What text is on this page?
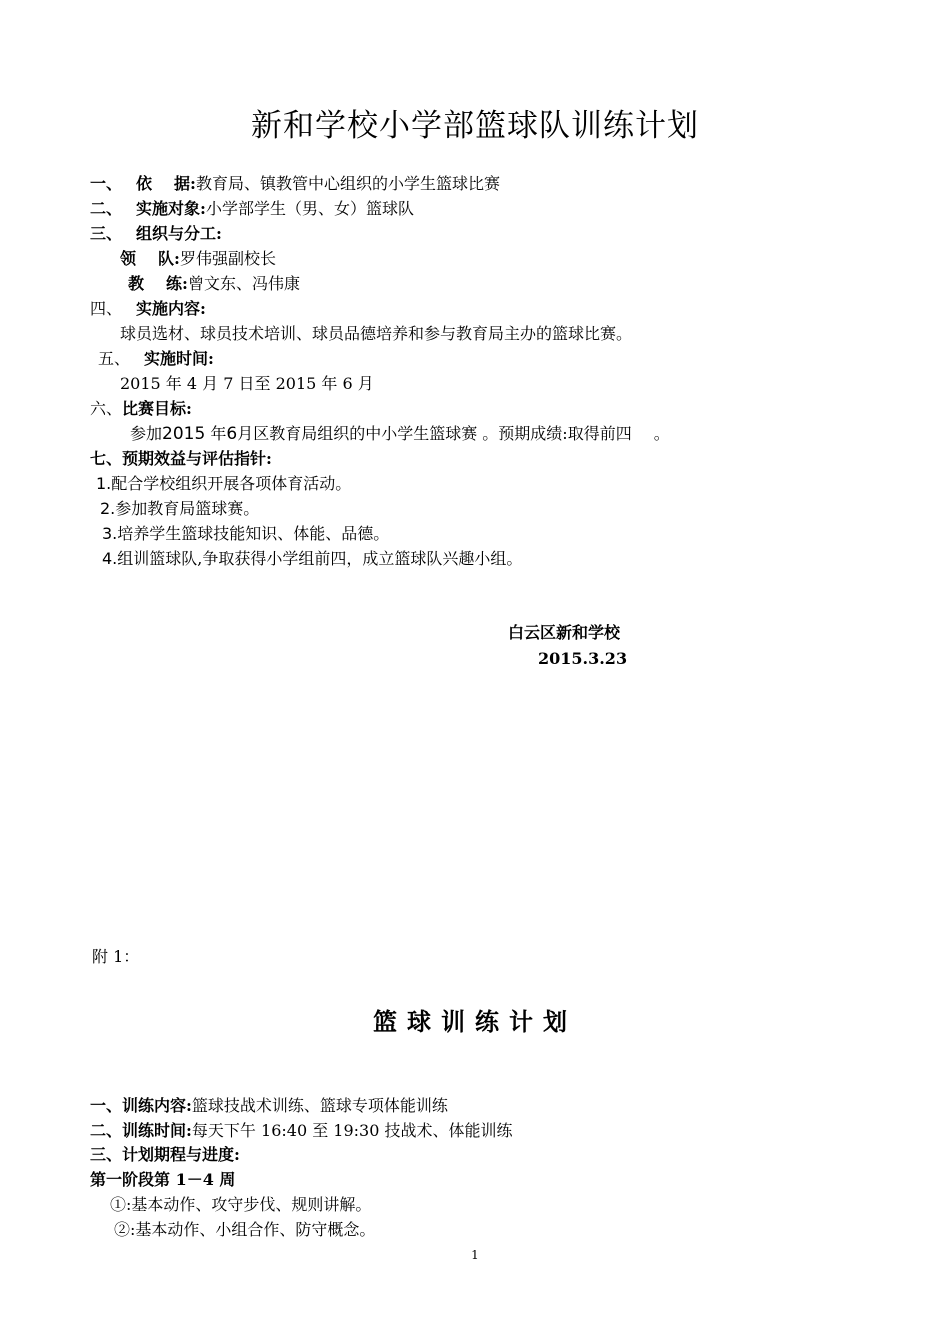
新和学校小学部篮球队训练计划
一、 依 据:教育局、镇教管中心组织的小学生篮球比赛
二、 实施对象:小学部学生（男、女）篮球队
三、 组织与分工:
领 队:罗伟强副校长
教 练:曾文东、冯伟康
四、 实施内容:
球员选材、球员技术培训、球员品德培养和参与教育局主办的篮球比赛。
五、 实施时间:
2015 年 4 月 7 日至 2015 年 6 月
六、比赛目标:
参加2015 年6月区教育局组织的中小学生篮球赛 。预期成绩:取得前四 。
七、预期效益与评估指针:
1.配合学校组织开展各项体育活动。
2.参加教育局篮球赛。
3.培养学生篮球技能知识、体能、品德。
4.组训篮球队,争取获得小学组前四，成立篮球队兴趣小组。
白云区新和学校
2015.3.23
附 1：
篮球训练计划
一、训练内容:篮球技战术训练、篮球专项体能训练
二、训练时间:每天下午 16:40 至 19:30 技战术、体能训练
三、计划期程与进度:
第一阶段第 1－4 周
①:基本动作、攻守步伐、规则讲解。
②:基本动作、小组合作、防守概念。
1
